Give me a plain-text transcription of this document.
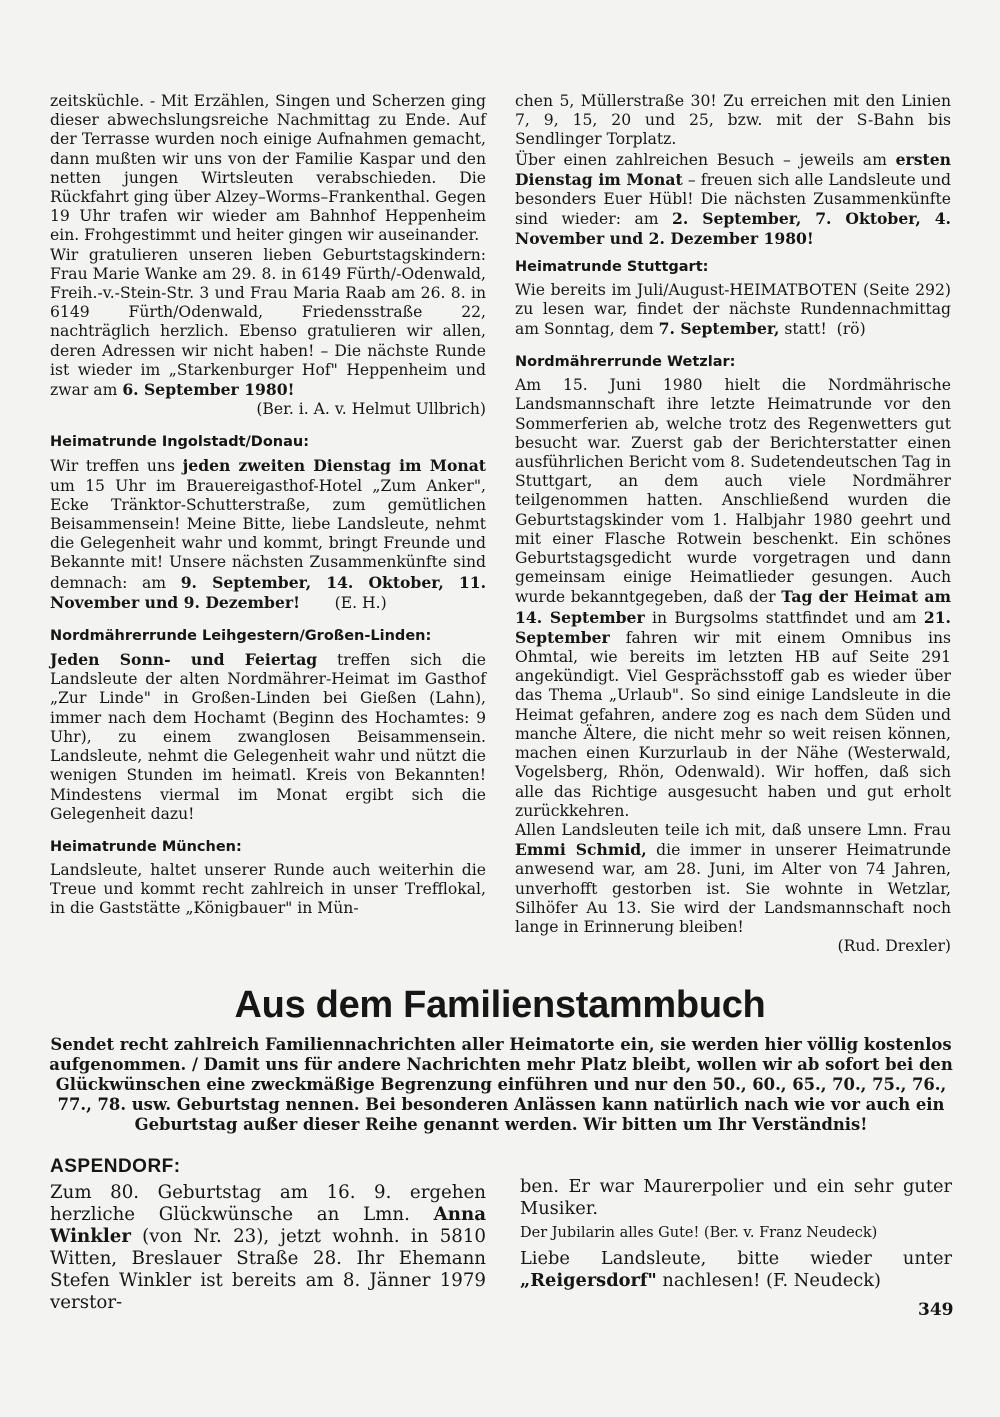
zeitsküchle. - Mit Erzählen, Singen und Scherzen ging dieser abwechslungsreiche Nachmittag zu Ende. Auf der Terrasse wurden noch einige Aufnahmen gemacht, dann mußten wir uns von der Familie Kaspar und den netten jungen Wirtsleuten verabschieden. Die Rückfahrt ging über Alzey–Worms–Frankenthal. Gegen 19 Uhr trafen wir wieder am Bahnhof Heppenheim ein. Frohgestimmt und heiter gingen wir auseinander.

Wir gratulieren unseren lieben Geburtstagskindern: Frau Marie Wanke am 29. 8. in 6149 Fürth/-Odenwald, Freih.-v.-Stein-Str. 3 und Frau Maria Raab am 26. 8. in 6149 Fürth/Odenwald, Friedensstraße 22, nachträglich herzlich. Ebenso gratulieren wir allen, deren Adressen wir nicht haben! – Die nächste Runde ist wieder im „Starkenburger Hof" Heppenheim und zwar am 6. September 1980!

(Ber. i. A. v. Helmut Ullbrich)

Heimatrunde Ingolstadt/Donau:

Wir treffen uns jeden zweiten Dienstag im Monat um 15 Uhr im Brauereigasthof-Hotel „Zum Anker", Ecke Tränktor-Schutterstraße, zum gemütlichen Beisammensein! Meine Bitte, liebe Landsleute, nehmt die Gelegenheit wahr und kommt, bringt Freunde und Bekannte mit! Unsere nächsten Zusammenkünfte sind demnach: am 9. September, 14. Oktober, 11. November und 9. Dezember! (E. H.)

Nordmährerrunde Leihgestern/Großen-Linden:

Jeden Sonn- und Feiertag treffen sich die Landsleute der alten Nordmährer-Heimat im Gasthof „Zur Linde" in Großen-Linden bei Gießen (Lahn), immer nach dem Hochamt (Beginn des Hochamtes: 9 Uhr), zu einem zwanglosen Beisammensein. Landsleute, nehmt die Gelegenheit wahr und nützt die wenigen Stunden im heimatl. Kreis von Bekannten! Mindestens viermal im Monat ergibt sich die Gelegenheit dazu!

Heimatrunde München:

Landsleute, haltet unserer Runde auch weiterhin die Treue und kommt recht zahlreich in unser Trefflokal, in die Gaststätte „Königbauer" in Mün-

chen 5, Müllerstraße 30! Zu erreichen mit den Linien 7, 9, 15, 20 und 25, bzw. mit der S-Bahn bis Sendlinger Torplatz.

Über einen zahlreichen Besuch – jeweils am ersten Dienstag im Monat – freuen sich alle Landsleute und besonders Euer Hübl! Die nächsten Zusammenkünfte sind wieder: am 2. September, 7. Oktober, 4. November und 2. Dezember 1980!

Heimatrunde Stuttgart:

Wie bereits im Juli/August-HEIMATBOTEN (Seite 292) zu lesen war, findet der nächste Rundennachmittag am Sonntag, dem 7. September, statt! (rö)

Nordmährerrunde Wetzlar:

Am 15. Juni 1980 hielt die Nordmährische Landsmannschaft ihre letzte Heimatrunde vor den Sommerferien ab, welche trotz des Regenwetters gut besucht war. Zuerst gab der Berichterstatter einen ausführlichen Bericht vom 8. Sudetendeutschen Tag in Stuttgart, an dem auch viele Nordmährer teilgenommen hatten. Anschließend wurden die Geburtstagskinder vom 1. Halbjahr 1980 geehrt und mit einer Flasche Rotwein beschenkt. Ein schönes Geburtstagsgedicht wurde vorgetragen und dann gemeinsam einige Heimatlieder gesungen. Auch wurde bekanntgegeben, daß der Tag der Heimat am 14. September in Burgsolms stattfindet und am 21. September fahren wir mit einem Omnibus ins Ohmtal, wie bereits im letzten HB auf Seite 291 angekündigt. Viel Gesprächsstoff gab es wieder über das Thema „Urlaub". So sind einige Landsleute in die Heimat gefahren, andere zog es nach dem Süden und manche Ältere, die nicht mehr so weit reisen können, machen einen Kurzurlaub in der Nähe (Westerwald, Vogelsberg, Rhön, Odenwald). Wir hoffen, daß sich alle das Richtige ausgesucht haben und gut erholt zurückkehren.

Allen Landsleuten teile ich mit, daß unsere Lmn. Frau Emmi Schmid, die immer in unserer Heimatrunde anwesend war, am 28. Juni, im Alter von 74 Jahren, unverhofft gestorben ist. Sie wohnte in Wetzlar, Silhöfer Au 13. Sie wird der Landsmannschaft noch lange in Erinnerung bleiben!

(Rud. Drexler)

Aus dem Familienstammbuch

Sendet recht zahlreich Familiennachrichten aller Heimatorte ein, sie werden hier völlig kostenlos aufgenommen. / Damit uns für andere Nachrichten mehr Platz bleibt, wollen wir ab sofort bei den Glückwünschen eine zweckmäßige Begrenzung einführen und nur den 50., 60., 65., 70., 75., 76., 77., 78. usw. Geburtstag nennen. Bei besonderen Anlässen kann natürlich nach wie vor auch ein Geburtstag außer dieser Reihe genannt werden. Wir bitten um Ihr Verständnis!

ASPENDORF:

Zum 80. Geburtstag am 16. 9. ergehen herzliche Glückwünsche an Lmn. Anna Winkler (von Nr. 23), jetzt wohnh. in 5810 Witten, Breslauer Straße 28. Ihr Ehemann Stefen Winkler ist bereits am 8. Jänner 1979 verstor-

ben. Er war Maurerpolier und ein sehr guter Musiker.

Der Jubilarin alles Gute! (Ber. v. Franz Neudeck)

Liebe Landsleute, bitte wieder unter „Reigersdorf" nachlesen! (F. Neudeck)

349
